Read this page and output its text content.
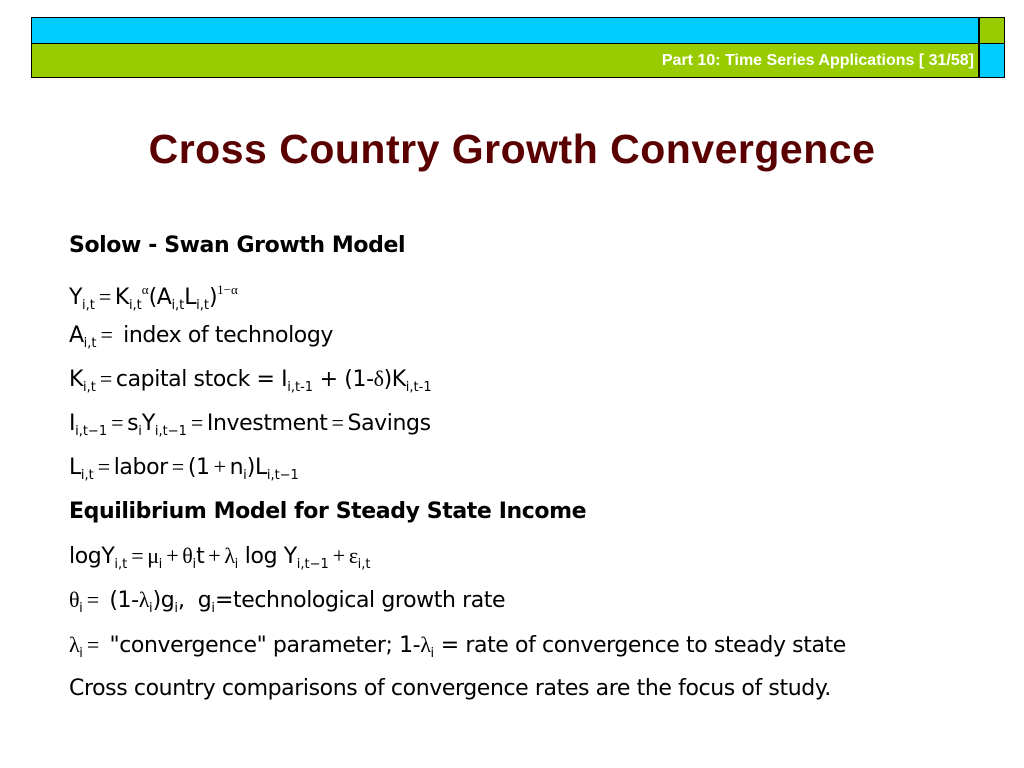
Part 10: Time Series Applications [ 31/58]
Cross Country Growth Convergence
Solow - Swan Growth Model
$Y_{i,t} = K_{i,t}^\alpha(A_{i,t}L_{i,t})^{1-\alpha}$
$A_{i,t}$ = index of technology
$K_{i,t}$ = capital stock = $I_{i,t-1} + (1-\delta)K_{i,t-1}$
$I_{i,t-1} = s_iY_{i,t-1}$ = Investment = Savings
$L_{i,t}$ = labor = $(1 + n_i)L_{i,t-1}$
Equilibrium Model for Steady State Income
$\log Y_{i,t} = \mu_i + \theta_it + \lambda_i$ $\log Y_{i,t-1} + \varepsilon_{i,t}$
$\theta_i = (1-\lambda_i)g_i$,  $g_i=technological$ growth rate
$\lambda_i$ = "convergence" parameter; $1-\lambda_i$ = rate of convergence to steady state
Cross country comparisons of convergence rates are the focus of study.
